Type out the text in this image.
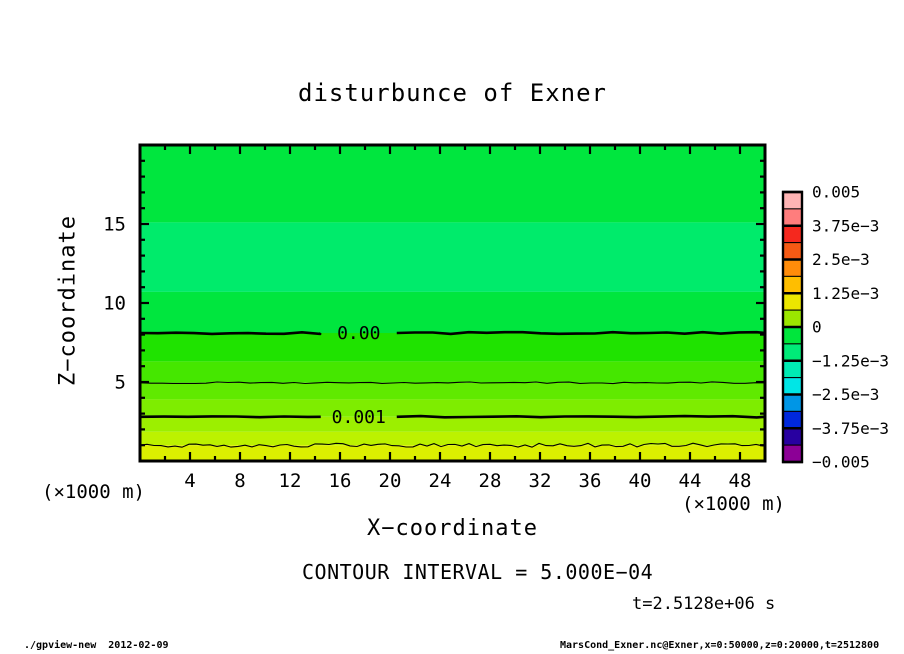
0.00
0.001
4 8 12 16 20 24 28 32 36 40 44 48
5
10
15
0.005
3.75e−3
2.5e−3
1.25e−3
0
−1.25e−3
−2.5e−3
−3.75e−3
−0.005
disturbunce of Exner
Z−coordinate
X−coordinate
(×1000 m)
(×1000 m)
CONTOUR INTERVAL = 5.000E−04
t=2.5128e+06 s
./gpview-new  2012-02-09	MarsCond_Exner.nc@Exner,x=0:50000,z=0:20000,t=2512800
